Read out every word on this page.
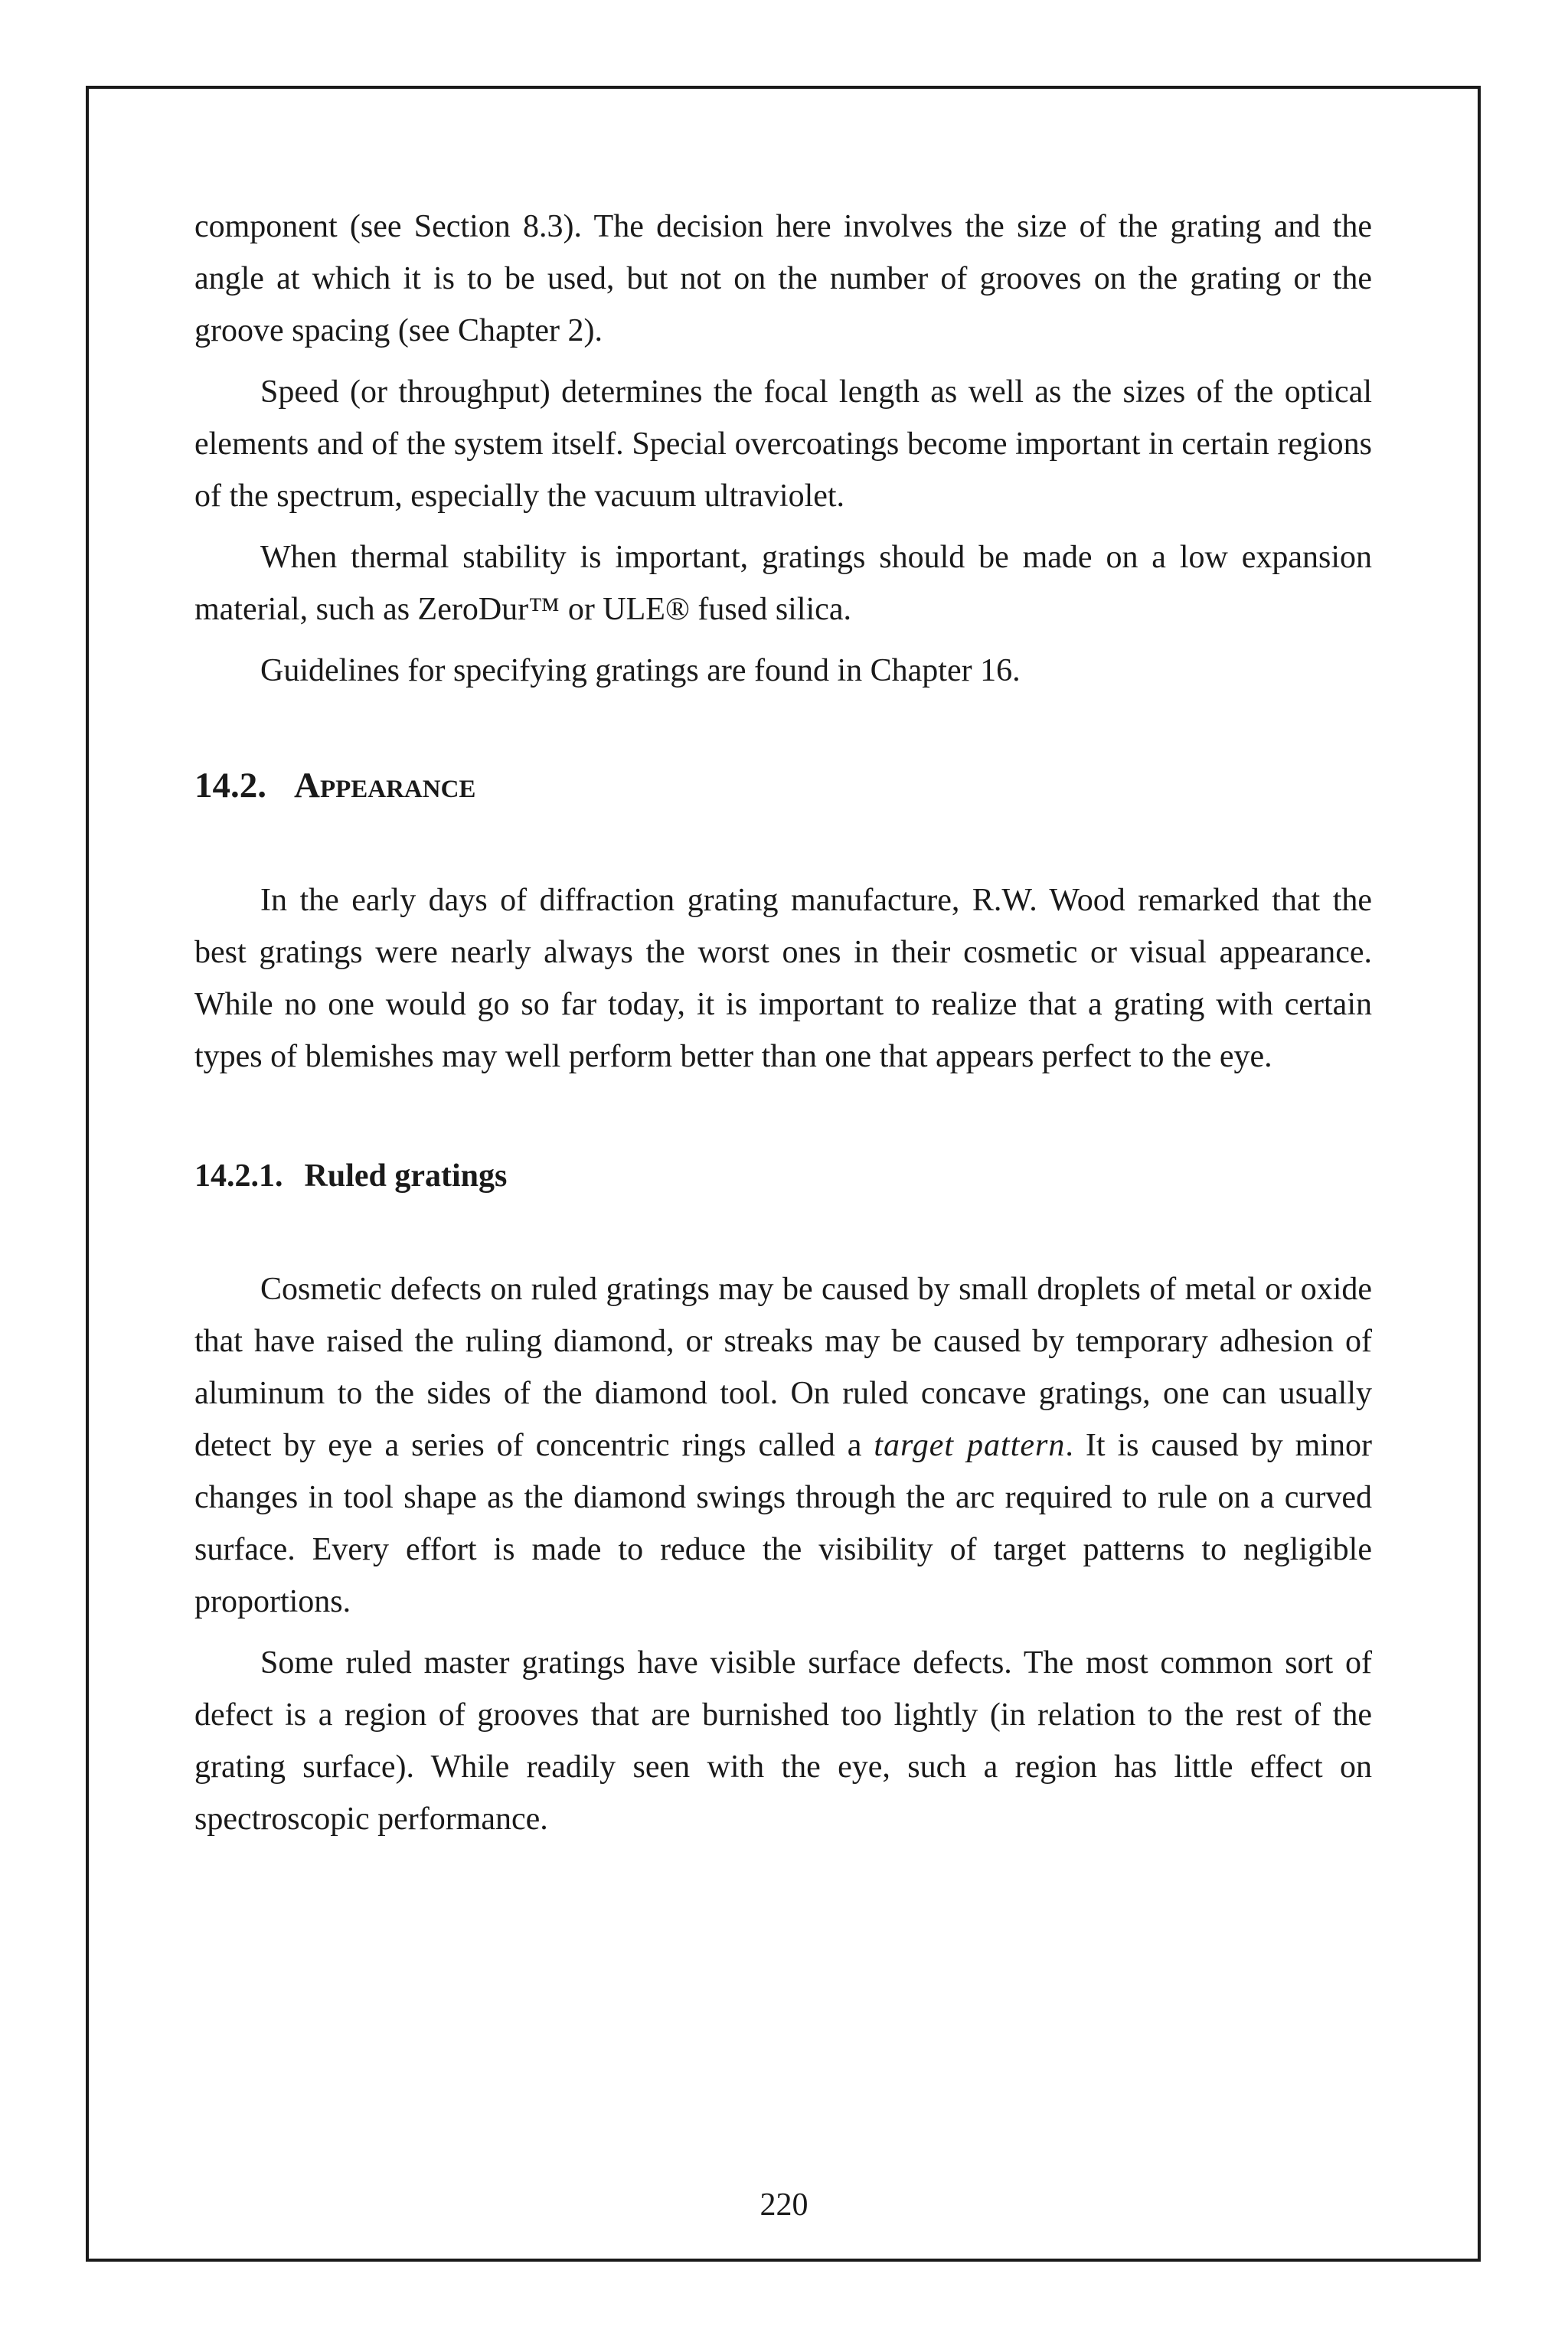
component (see Section 8.3). The decision here involves the size of the grating and the angle at which it is to be used, but not on the number of grooves on the grating or the groove spacing (see Chapter 2).

Speed (or throughput) determines the focal length as well as the sizes of the optical elements and of the system itself. Special overcoatings become important in certain regions of the spectrum, especially the vacuum ultraviolet.

When thermal stability is important, gratings should be made on a low expansion material, such as ZeroDur™ or ULE® fused silica.

Guidelines for specifying gratings are found in Chapter 16.

14.2. Appearance

In the early days of diffraction grating manufacture, R.W. Wood remarked that the best gratings were nearly always the worst ones in their cosmetic or visual appearance. While no one would go so far today, it is important to realize that a grating with certain types of blemishes may well perform better than one that appears perfect to the eye.

14.2.1. Ruled gratings

Cosmetic defects on ruled gratings may be caused by small droplets of metal or oxide that have raised the ruling diamond, or streaks may be caused by temporary adhesion of aluminum to the sides of the diamond tool. On ruled concave gratings, one can usually detect by eye a series of concentric rings called a target pattern. It is caused by minor changes in tool shape as the diamond swings through the arc required to rule on a curved surface. Every effort is made to reduce the visibility of target patterns to negligible proportions.

Some ruled master gratings have visible surface defects. The most common sort of defect is a region of grooves that are burnished too lightly (in relation to the rest of the grating surface). While readily seen with the eye, such a region has little effect on spectroscopic performance.

220
